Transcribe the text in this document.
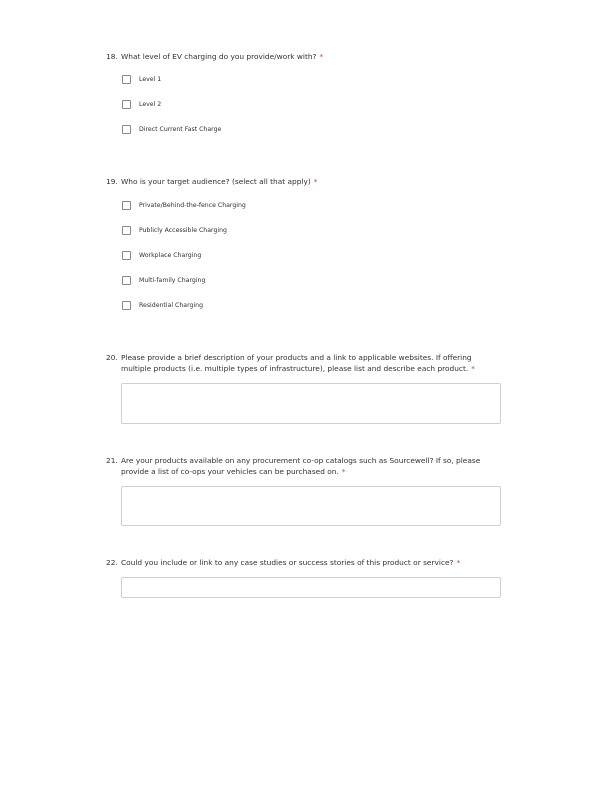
18. What level of EV charging do you provide/work with? *
Level 1
Level 2
Direct Current Fast Charge
19. Who is your target audience? (select all that apply) *
Private/Behind-the-fence Charging
Publicly Accessible Charging
Workplace Charging
Multi-family Charging
Residential Charging
20. Please provide a brief description of your products and a link to applicable websites. If offering
multiple products (i.e. multiple types of infrastructure), please list and describe each product. *
21. Are your products available on any procurement co-op catalogs such as Sourcewell? If so, please
provide a list of co-ops your vehicles can be purchased on. *
22. Could you include or link to any case studies or success stories of this product or service? *
